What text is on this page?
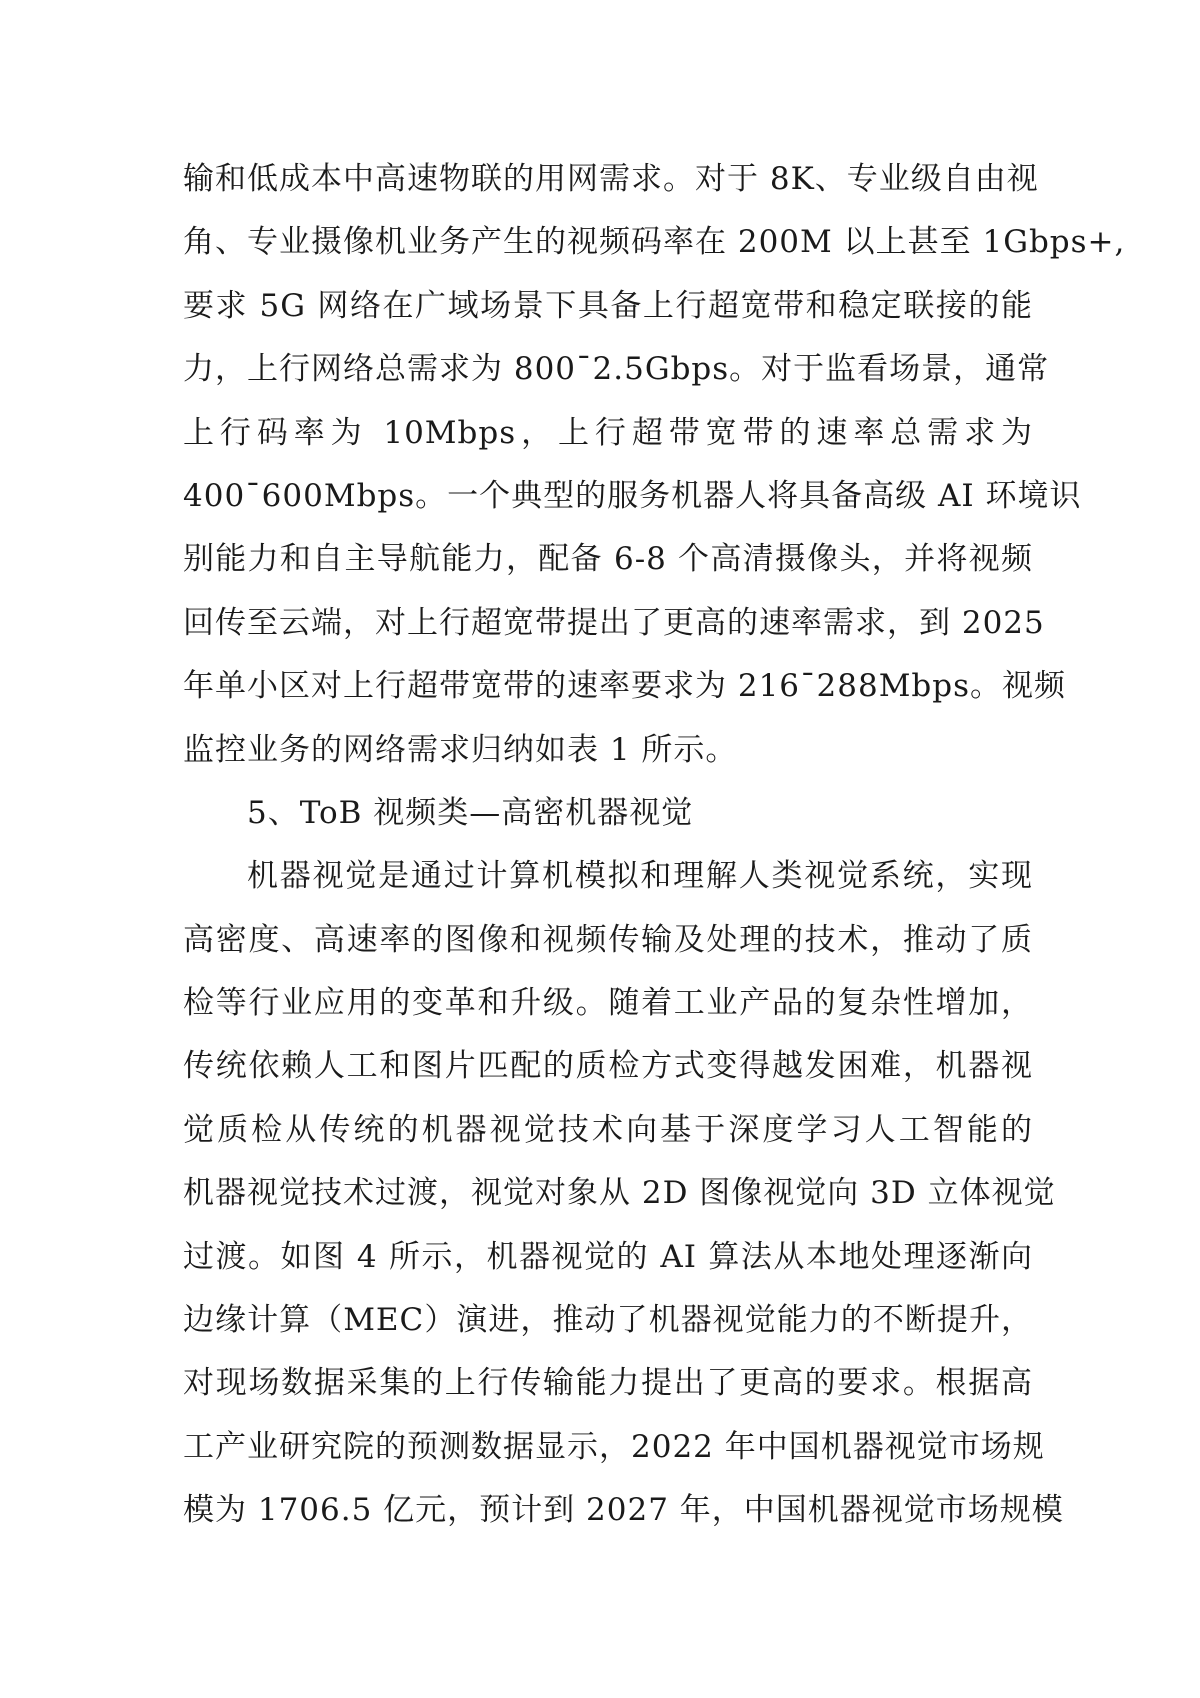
输和低成本中高速物联的用网需求。对于 8K、专业级自由视
角、专业摄像机业务产生的视频码率在 200M 以上甚至 1Gbps+,
要求 5G 网络在广域场景下具备上行超宽带和稳定联接的能
力，上行网络总需求为 800¯2.5Gbps。对于监看场景，通常
上行码率为 10Mbps，上行超带宽带的速率总需求为
400¯600Mbps。一个典型的服务机器人将具备高级 AI 环境识
别能力和自主导航能力，配备 6-8 个高清摄像头，并将视频
回传至云端，对上行超宽带提出了更高的速率需求，到 2025
年单小区对上行超带宽带的速率要求为 216¯288Mbps。视频
监控业务的网络需求归纳如表 1 所示。
5、ToB 视频类—高密机器视觉
机器视觉是通过计算机模拟和理解人类视觉系统，实现
高密度、高速率的图像和视频传输及处理的技术，推动了质
检等行业应用的变革和升级。随着工业产品的复杂性增加，
传统依赖人工和图片匹配的质检方式变得越发困难，机器视
觉质检从传统的机器视觉技术向基于深度学习人工智能的
机器视觉技术过渡，视觉对象从 2D 图像视觉向 3D 立体视觉
过渡。如图 4 所示，机器视觉的 AI 算法从本地处理逐渐向
边缘计算（MEC）演进，推动了机器视觉能力的不断提升，
对现场数据采集的上行传输能力提出了更高的要求。根据高
工产业研究院的预测数据显示，2022 年中国机器视觉市场规
模为 1706.5 亿元，预计到 2027 年，中国机器视觉市场规模
